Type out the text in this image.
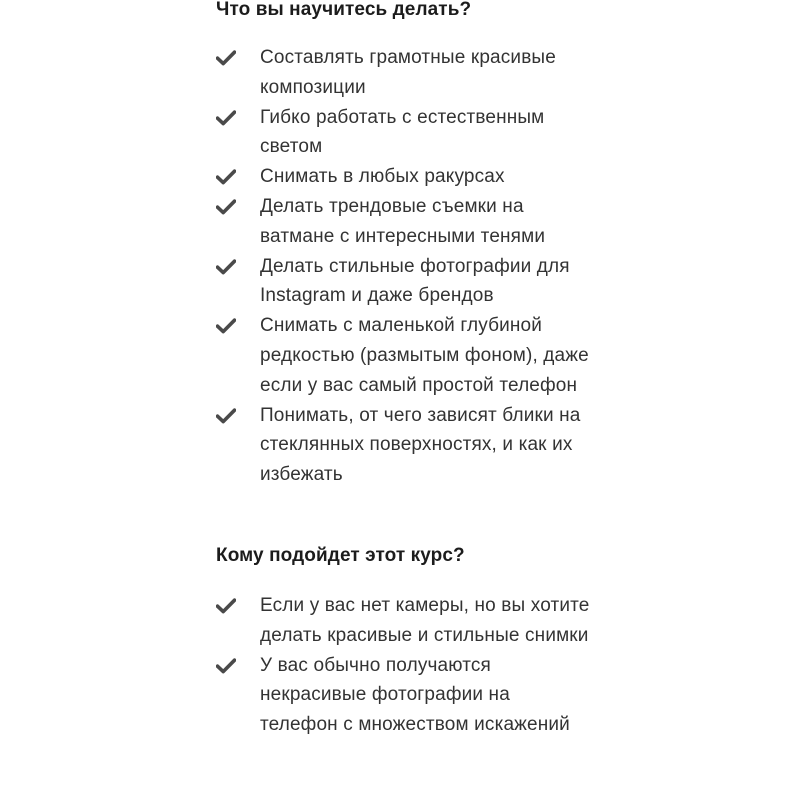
Что вы научитесь делать?
Составлять грамотные красивые композиции
Гибко работать с естественным светом
Снимать в любых ракурсах
Делать трендовые съемки на ватмане с интересными тенями
Делать стильные фотографии для Instagram и даже брендов
Снимать с маленькой глубиной редкостью (размытым фоном), даже если у вас самый простой телефон
Понимать, от чего зависят блики на стеклянных поверхностях, и как их избежать
Кому подойдет этот курс?
Если у вас нет камеры, но вы хотите делать красивые и стильные снимки
У вас обычно получаются некрасивые фотографии на телефон с множеством искажений
